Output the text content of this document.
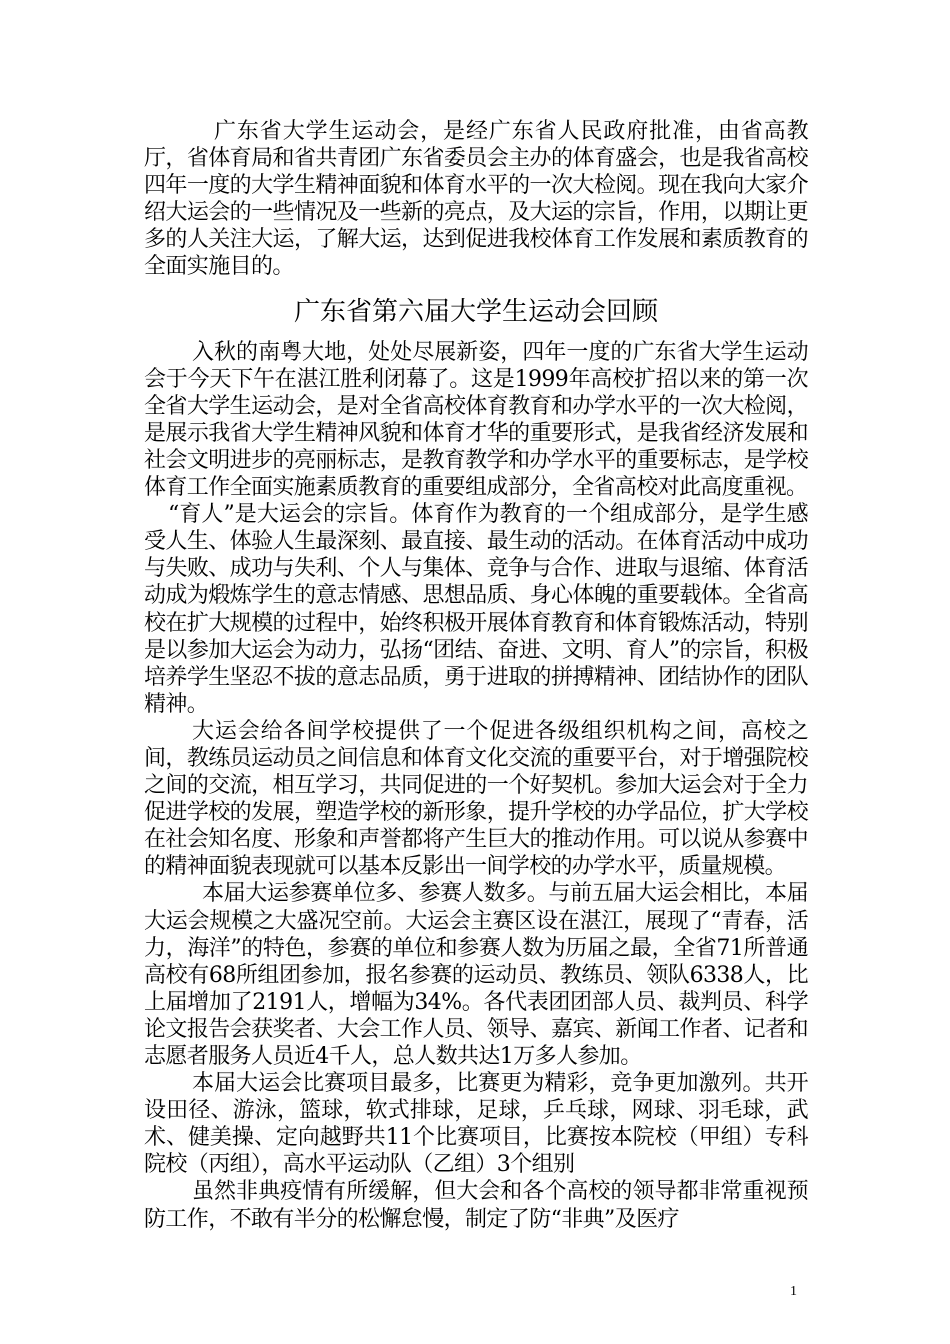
广东省大学生运动会，是经广东省人民政府批准，由省高教厅，省体育局和省共青团广东省委员会主办的体育盛会，也是我省高校四年一度的大学生精神面貌和体育水平的一次大检阅。现在我向大家介绍大运会的一些情况及一些新的亮点，及大运的宗旨，作用，以期让更多的人关注大运，了解大运，达到促进我校体育工作发展和素质教育的全面实施目的。

广东省第六届大学生运动会回顾

入秋的南粤大地，处处尽展新姿，四年一度的广东省大学生运动会于今天下午在湛江胜利闭幕了。这是1999年高校扩招以来的第一次全省大学生运动会，是对全省高校体育教育和办学水平的一次大检阅，是展示我省大学生精神风貌和体育才华的重要形式，是我省经济发展和社会文明进步的亮丽标志，是教育教学和办学水平的重要标志，是学校体育工作全面实施素质教育的重要组成部分，全省高校对此高度重视。

“育人”是大运会的宗旨。体育作为教育的一个组成部分，是学生感受人生、体验人生最深刻、最直接、最生动的活动。在体育活动中成功与失败、成功与失利、个人与集体、竞争与合作、进取与退缩、体育活动成为煅炼学生的意志情感、思想品质、身心体魄的重要载体。全省高校在扩大规模的过程中，始终积极开展体育教育和体育锻炼活动，特别是以参加大运会为动力，弘扬“团结、奋进、文明、育人”的宗旨，积极培养学生坚忍不拔的意志品质，勇于进取的拼搏精神、团结协作的团队精神。

大运会给各间学校提供了一个促进各级组织机构之间，高校之间，教练员运动员之间信息和体育文化交流的重要平台，对于增强院校之间的交流，相互学习，共同促进的一个好契机。参加大运会对于全力促进学校的发展，塑造学校的新形象，提升学校的办学品位，扩大学校在社会知名度、形象和声誉都将产生巨大的推动作用。可以说从参赛中的精神面貌表现就可以基本反影出一间学校的办学水平，质量规模。

本届大运参赛单位多、参赛人数多。与前五届大运会相比，本届大运会规模之大盛况空前。大运会主赛区设在湛江，展现了“青春，活力，海洋”的特色，参赛的单位和参赛人数为历届之最，全省71所普通高校有68所组团参加，报名参赛的运动员、教练员、领队6338人，比上届增加了2191人，增幅为34%。各代表团团部人员、裁判员、科学论文报告会获奖者、大会工作人员、领导、嘉宾、新闻工作者、记者和志愿者服务人员近4千人，总人数共达1万多人参加。

本届大运会比赛项目最多，比赛更为精彩，竞争更加激列。共开设田径、游泳，篮球，软式排球，足球，乒乓球，网球、羽毛球，武术、健美操、定向越野共11个比赛项目，比赛按本院校（甲组）专科院校（丙组），高水平运动队（乙组）3个组别

虽然非典疫情有所缓解，但大会和各个高校的领导都非常重视预防工作，不敢有半分的松懈怠慢，制定了防“非典”及医疗

1
